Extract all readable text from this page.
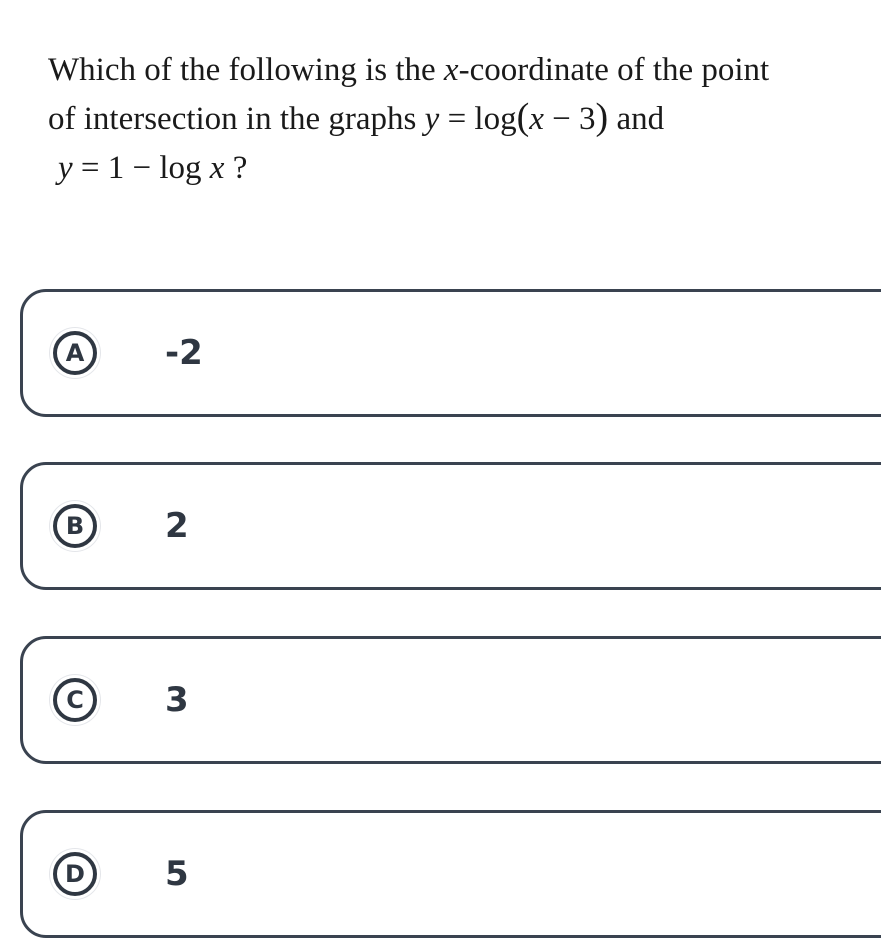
Which of the following is the x-coordinate of the point
of intersection in the graphs y = log(x − 3) and
y = 1 − log x ?
A	-2
B	2
C	3
D	5
